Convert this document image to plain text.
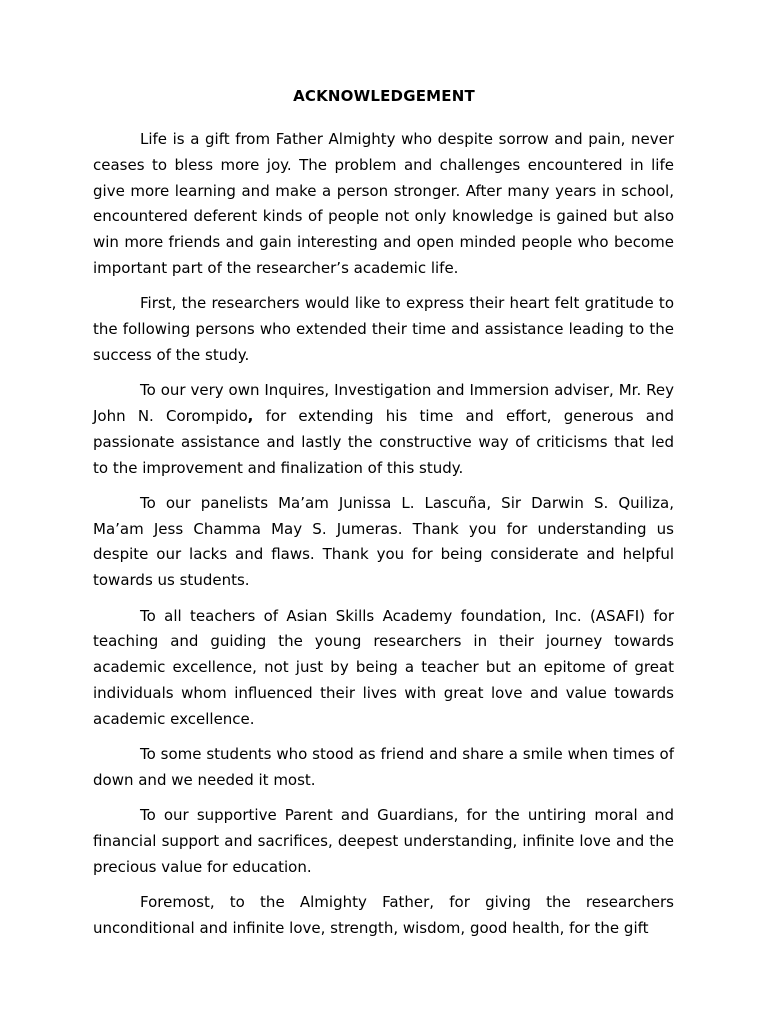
ACKNOWLEDGEMENT

Life is a gift from Father Almighty who despite sorrow and pain, never ceases to bless more joy. The problem and challenges encountered in life give more learning and make a person stronger. After many years in school, encountered deferent kinds of people not only knowledge is gained but also win more friends and gain interesting and open minded people who become important part of the researcher’s academic life.

First, the researchers would like to express their heart felt gratitude to the following persons who extended their time and assistance leading to the success of the study.

To our very own Inquires, Investigation and Immersion adviser, Mr. Rey John N. Corompido, for extending his time and effort, generous and passionate assistance and lastly the constructive way of criticisms that led to the improvement and finalization of this study.

To our panelists Ma’am Junissa L. Lascuña, Sir Darwin S. Quiliza, Ma’am Jess Chamma May S. Jumeras. Thank you for understanding us despite our lacks and flaws. Thank you for being considerate and helpful towards us students.

To all teachers of Asian Skills Academy foundation, Inc. (ASAFI) for teaching and guiding the young researchers in their journey towards academic excellence, not just by being a teacher but an epitome of great individuals whom influenced their lives with great love and value towards academic excellence.

To some students who stood as friend and share a smile when times of down and we needed it most.

To our supportive Parent and Guardians, for the untiring moral and financial support and sacrifices, deepest understanding, infinite love and the precious value for education.

Foremost, to the Almighty Father, for giving the researchers unconditional and infinite love, strength, wisdom, good health, for the gift
